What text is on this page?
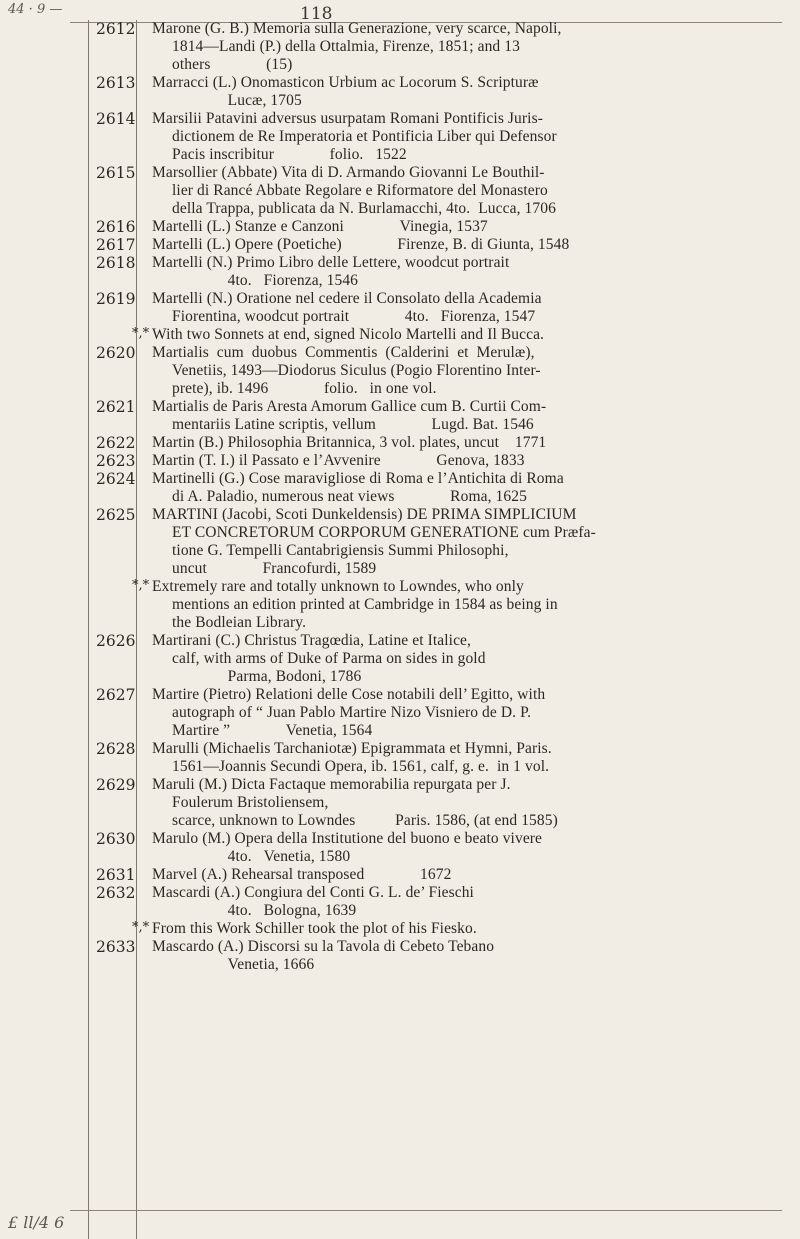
118
44 · 9 —
£ ll/4 6
2612 Marone (G. B.) Memoria sulla Generazione, very scarce, Napoli,
1814—Landi (P.) della Ottalmia, Firenze, 1851; and 13
others              (15)
2613 Marracci (L.) Onomasticon Urbium ac Locorum S. Scripturæ
Lucæ, 1705
2614 Marsilii Patavini adversus usurpatam Romani Pontificis Juris-
dictionem de Re Imperatoria et Pontificia Liber qui Defensor
Pacis inscribitur              folio.   1522
2615 Marsollier (Abbate) Vita di D. Armando Giovanni Le Bouthil-
lier di Rancé Abbate Regolare e Riformatore del Monastero
della Trappa, publicata da N. Burlamacchi, 4to.  Lucca, 1706
2616 Martelli (L.) Stanze e Canzoni              Vinegia, 1537
2617 Martelli (L.) Opere (Poetiche)              Firenze, B. di Giunta, 1548
2618 Martelli (N.) Primo Libro delle Lettere, woodcut portrait
4to.   Fiorenza, 1546
2619 Martelli (N.) Oratione nel cedere il Consolato della Academia
Fiorentina, woodcut portrait              4to.   Fiorenza, 1547
*,* With two Sonnets at end, signed Nicolo Martelli and Il Bucca.
2620 Martialis  cum  duobus  Commentis  (Calderini  et  Merulæ),
Venetiis, 1493—Diodorus Siculus (Pogio Florentino Inter-
prete), ib. 1496              folio.   in one vol.
2621 Martialis de Paris Aresta Amorum Gallice cum B. Curtii Com-
mentariis Latine scriptis, vellum              Lugd. Bat. 1546
2622 Martin (B.) Philosophia Britannica, 3 vol. plates, uncut    1771
2623 Martin (T. I.) il Passato e l’Avvenire              Genova, 1833
2624 Martinelli (G.) Cose maravigliose di Roma e l’Antichita di Roma
di A. Paladio, numerous neat views              Roma, 1625
2625 MARTINI (Jacobi, Scoti Dunkeldensis) DE PRIMA SIMPLICIUM
ET CONCRETORUM CORPORUM GENERATIONE cum Præfa-
tione G. Tempelli Cantabrigiensis Summi Philosophi,
uncut              Francofurdi, 1589
*,* Extremely rare and totally unknown to Lowndes, who only
mentions an edition printed at Cambridge in 1584 as being in
the Bodleian Library.
2626 Martirani (C.) Christus Tragœdia, Latine et Italice,
calf, with arms of Duke of Parma on sides in gold
Parma, Bodoni, 1786
2627 Martire (Pietro) Relationi delle Cose notabili dell’ Egitto, with
autograph of “ Juan Pablo Martire Nizo Visniero de D. P.
Martire ”              Venetia, 1564
2628 Marulli (Michaelis Tarchaniotæ) Epigrammata et Hymni, Paris.
1561—Joannis Secundi Opera, ib. 1561, calf, g. e.  in 1 vol.
2629 Maruli (M.) Dicta Factaque memorabilia repurgata per J.
Foulerum Bristoliensem,
scarce, unknown to Lowndes          Paris. 1586, (at end 1585)
2630 Marulo (M.) Opera della Institutione del buono e beato vivere
4to.   Venetia, 1580
2631 Marvel (A.) Rehearsal transposed              1672
2632 Mascardi (A.) Congiura del Conti G. L. de’ Fieschi
4to.   Bologna, 1639
*,* From this Work Schiller took the plot of his Fiesko.
2633 Mascardo (A.) Discorsi su la Tavola di Cebeto Tebano
Venetia, 1666
